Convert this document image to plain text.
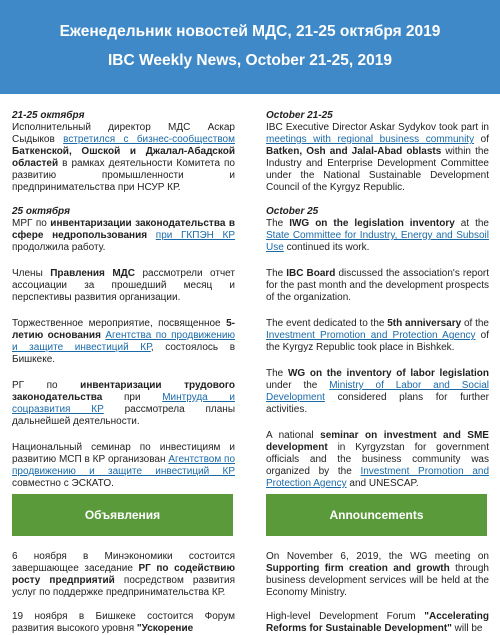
Еженедельник новостей МДС, 21-25 октября 2019
IBC Weekly News, October 21-25, 2019

21-25 октября
Исполнительный директор МДС Аскар Сыдыков встретился с бизнес-сообществом Баткенской, Ошской и Джалал-Абадской областей в рамках деятельности Комитета по развитию промышленности и предпринимательства при НСУР КР.

25 октября
МРГ по инвентаризации законодательства в сфере недропользования при ГКПЭН КР продолжила работу.

Члены Правления МДС рассмотрели отчет ассоциации за прошедший месяц и перспективы развития организации.

Торжественное мероприятие, посвященное 5-летию основания Агентства по продвижению и защите инвестиций КР, состоялось в Бишкеке.

РГ по инвентаризации трудового законодательства при Минтруда и соцразвития КР рассмотрела планы дальнейшей деятельности.

Национальный семинар по инвестициям и развитию МСП в КР организован Агентством по продвижению и защите инвестиций КР совместно с ЭСКАТО.

October 21-25
IBC Executive Director Askar Sydykov took part in meetings with regional business community of Batken, Osh and Jalal-Abad oblasts within the Industry and Enterprise Development Committee under the National Sustainable Development Council of the Kyrgyz Republic.

October 25
The IWG on the legislation inventory at the State Committee for Industry, Energy and Subsoil Use continued its work.

The IBC Board discussed the association's report for the past month and the development prospects of the organization.

The event dedicated to the 5th anniversary of the Investment Promotion and Protection Agency of the Kyrgyz Republic took place in Bishkek.

The WG on the inventory of labor legislation under the Ministry of Labor and Social Development considered plans for further activities.

A national seminar on investment and SME development in Kyrgyzstan for government officials and the business community was organized by the Investment Promotion and Protection Agency and UNESCAP.

Объявления	Announcements

6 ноября в Минэкономики состоится завершающее заседание РГ по содействию росту предприятий посредством развития услуг по поддержке предпринимательства КР.

19 ноября в Бишкеке состоится Форум развития высокого уровня "Ускорение

On November 6, 2019, the WG meeting on Supporting firm creation and growth through business development services will be held at the Economy Ministry.

High-level Development Forum "Accelerating Reforms for Sustainable Development" will be
